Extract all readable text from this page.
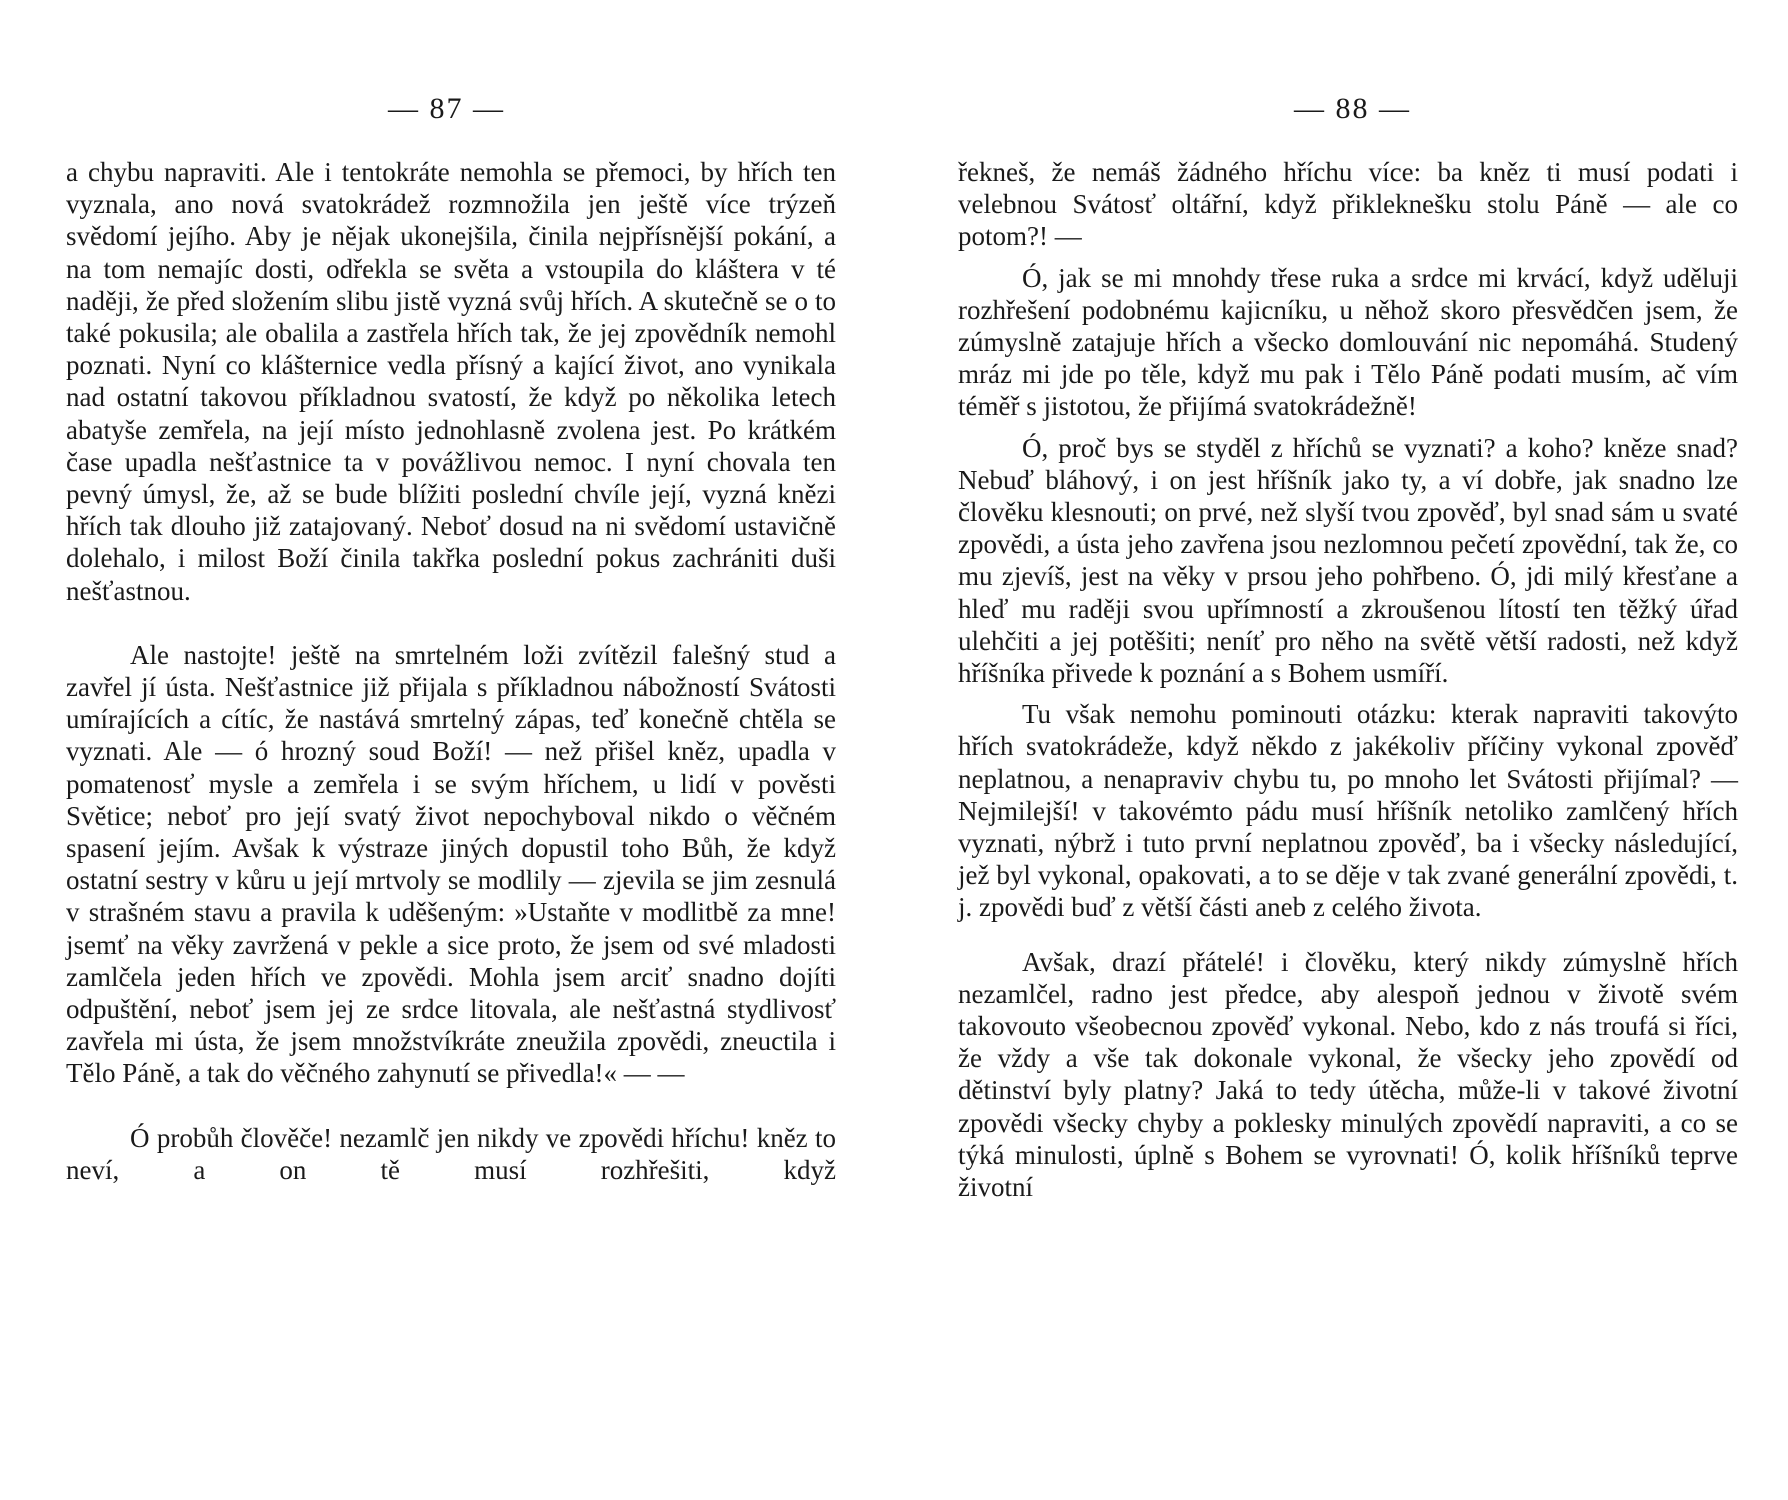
— 87 —

a chybu napraviti. Ale i tentokráte nemohla se přemoci, by hřích ten vyznala, ano nová svatokrádež rozmnožila jen ještě více trýzeň svědomí jejího. Aby je nějak ukonejšila, činila nejpřísnější pokání, a na tom nemajíc dosti, odřekla se světa a vstoupila do kláštera v té naději, že před složením slibu jistě vyzná svůj hřích. A skutečně se o to také pokusila; ale obalila a zastřela hřích tak, že jej zpovědník nemohl poznati. Nyní co klášternice vedla přísný a kající život, ano vynikala nad ostatní takovou příkladnou svatostí, že když po několika letech abatyše zemřela, na její místo jednohlasně zvolena jest. Po krátkém čase upadla nešťastnice ta v povážlivou nemoc. I nyní chovala ten pevný úmysl, že, až se bude blížiti poslední chvíle její, vyzná knězi hřích tak dlouho již zatajovaný. Neboť dosud na ni svědomí ustavičně dolehalo, i milost Boží činila takřka poslední pokus zachrániti duši nešťastnou.

Ale nastojte! ještě na smrtelném loži zvítězil falešný stud a zavřel jí ústa. Nešťastnice již přijala s příkladnou nábožností Svátosti umírajících a cítíc, že nastává smrtelný zápas, teď konečně chtěla se vyznati. Ale — ó hrozný soud Boží! — než přišel kněz, upadla v pomatenosť mysle a zemřela i se svým hříchem, u lidí v pověsti Světice; neboť pro její svatý život nepochyboval nikdo o věčném spasení jejím. Avšak k výstraze jiných dopustil toho Bůh, že když ostatní sestry v kůru u její mrtvoly se modlily — zjevila se jim zesnulá v strašném stavu a pravila k uděšeným: »Ustaňte v modlitbě za mne! jsemť na věky zavržená v pekle a sice proto, že jsem od své mladosti zamlčela jeden hřích ve zpovědi. Mohla jsem arciť snadno dojíti odpuštění, neboť jsem jej ze srdce litovala, ale nešťastná stydlivosť zavřela mi ústa, že jsem množstvíkráte zneužila zpovědi, zneuctila i Tělo Páně, a tak do věčného zahynutí se přivedla!« — —

Ó probůh člověče! nezamlč jen nikdy ve zpovědi hříchu! kněz to neví, a on tě musí rozhřešiti, když

— 88 —

řekneš, že nemáš žádného hříchu více: ba kněz ti musí podati i velebnou Svátosť oltářní, když přikleknešku stolu Páně — ale co potom?! —

Ó, jak se mi mnohdy třese ruka a srdce mi krvácí, když uděluji rozhřešení podobnému kajicníku, u něhož skoro přesvědčen jsem, že zúmyslně zatajuje hřích a všecko domlouvání nic nepomáhá. Studený mráz mi jde po těle, když mu pak i Tělo Páně podati musím, ač vím téměř s jistotou, že přijímá svatokrádežně!

Ó, proč bys se styděl z hříchů se vyznati? a koho? kněze snad? Nebuď bláhový, i on jest hříšník jako ty, a ví dobře, jak snadno lze člověku klesnouti; on prvé, než slyší tvou zpověď, byl snad sám u svaté zpovědi, a ústa jeho zavřena jsou nezlomnou pečetí zpovědní, tak že, co mu zjevíš, jest na věky v prsou jeho pohřbeno. Ó, jdi milý křesťane a hleď mu raději svou upřímností a zkroušenou lítostí ten těžký úřad ulehčiti a jej potěšiti; neníť pro něho na světě větší radosti, než když hříšníka přivede k poznání a s Bohem usmíří.

Tu však nemohu pominouti otázku: kterak napraviti takovýto hřích svatokrádeže, když někdo z jakékoliv příčiny vykonal zpověď neplatnou, a nenapraviv chybu tu, po mnoho let Svátosti přijímal? — Nejmilejší! v takovémto pádu musí hříšník netoliko zamlčený hřích vyznati, nýbrž i tuto první neplatnou zpověď, ba i všecky následující, jež byl vykonal, opakovati, a to se děje v tak zvané generální zpovědi, t. j. zpovědi buď z větší části aneb z celého života.

Avšak, drazí přátelé! i člověku, který nikdy zúmyslně hřích nezamlčel, radno jest předce, aby alespoň jednou v životě svém takovouto všeobecnou zpověď vykonal. Nebo, kdo z nás troufá si říci, že vždy a vše tak dokonale vykonal, že všecky jeho zpovědí od dětinství byly platny? Jaká to tedy útěcha, může-li v takové životní zpovědi všecky chyby a poklesky minulých zpovědí napraviti, a co se týká minulosti, úplně s Bohem se vyrovnati! Ó, kolik hříšníků teprve životní
